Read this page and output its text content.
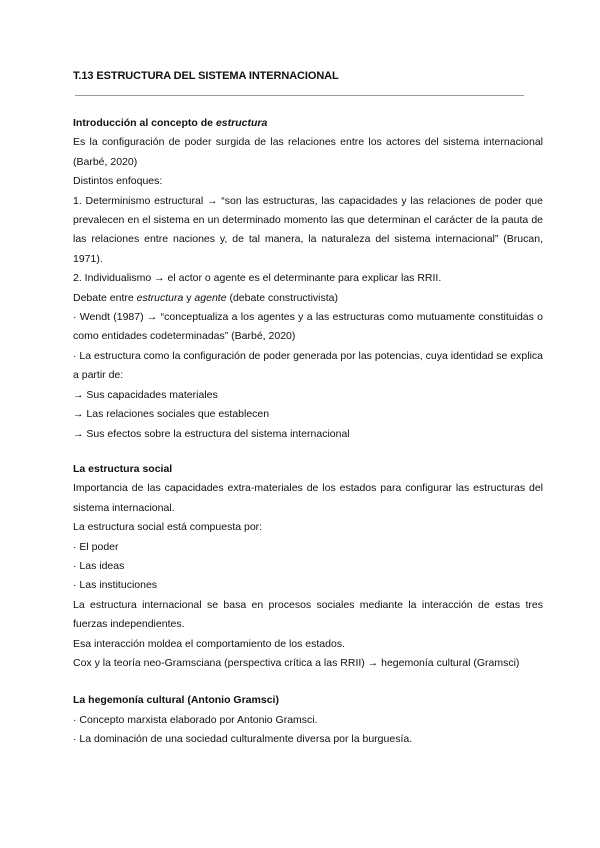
T.13 ESTRUCTURA DEL SISTEMA INTERNACIONAL

Introducción al concepto de estructura

Es la configuración de poder surgida de las relaciones entre los actores del sistema internacional (Barbé, 2020)

Distintos enfoques:

1. Determinismo estructural → “son las estructuras, las capacidades y las relaciones de poder que prevalecen en el sistema en un determinado momento las que determinan el carácter de la pauta de las relaciones entre naciones y, de tal manera, la naturaleza del sistema internacional” (Brucan, 1971).

2. Individualismo → el actor o agente es el determinante para explicar las RRII.

Debate entre estructura y agente (debate constructivista)

· Wendt (1987) → “conceptualiza a los agentes y a las estructuras como mutuamente constituidas o como entidades codeterminadas” (Barbé, 2020)

· La estructura como la configuración de poder generada por las potencias, cuya identidad se explica a partir de:

→ Sus capacidades materiales

→ Las relaciones sociales que establecen

→ Sus efectos sobre la estructura del sistema internacional

La estructura social

Importancia de las capacidades extra-materiales de los estados para configurar las estructuras del sistema internacional.

La estructura social está compuesta por:

· El poder

· Las ideas

· Las instituciones

La estructura internacional se basa en procesos sociales mediante la interacción de estas tres fuerzas independientes.

Esa interacción moldea el comportamiento de los estados.

Cox y la teoría neo-Gramsciana (perspectiva crítica a las RRII) → hegemonía cultural (Gramsci)

La hegemonía cultural (Antonio Gramsci)

· Concepto marxista elaborado por Antonio Gramsci.

· La dominación de una sociedad culturalmente diversa por la burguesía.
